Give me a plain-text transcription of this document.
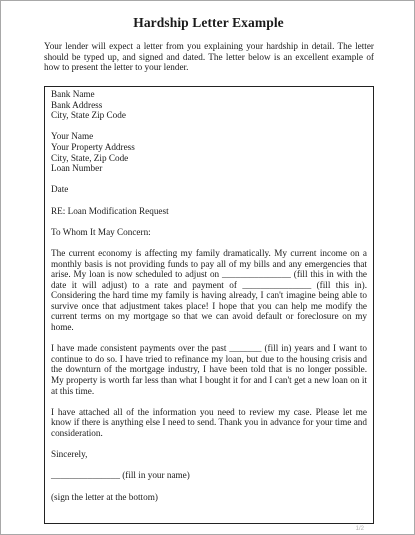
Hardship Letter Example
Your lender will expect a letter from you explaining your hardship in detail. The letter should be typed up, and signed and dated. The letter below is an excellent example of how to present the letter to your lender.
Bank Name
Bank Address
City, State Zip Code
Your Name
Your Property Address
City, State, Zip Code
Loan Number
Date
RE: Loan Modification Request
To Whom It May Concern:
The current economy is affecting my family dramatically. My current income on a monthly basis is not providing funds to pay all of my bills and any emergencies that arise. My loan is now scheduled to adjust on _______________ (fill this in with the date it will adjust) to a rate and payment of _______________ (fill this in). Considering the hard time my family is having already, I can't imagine being able to survive once that adjustment takes place! I hope that you can help me modify the current terms on my mortgage so that we can avoid default or foreclosure on my home.
I have made consistent payments over the past _______ (fill in) years and I want to continue to do so. I have tried to refinance my loan, but due to the housing crisis and the downturn of the mortgage industry, I have been told that is no longer possible. My property is worth far less than what I bought it for and I can't get a new loan on it at this time.
I have attached all of the information you need to review my case. Please let me know if there is anything else I need to send. Thank you in advance for your time and consideration.
Sincerely,
_______________ (fill in your name)
(sign the letter at the bottom)
1/2
